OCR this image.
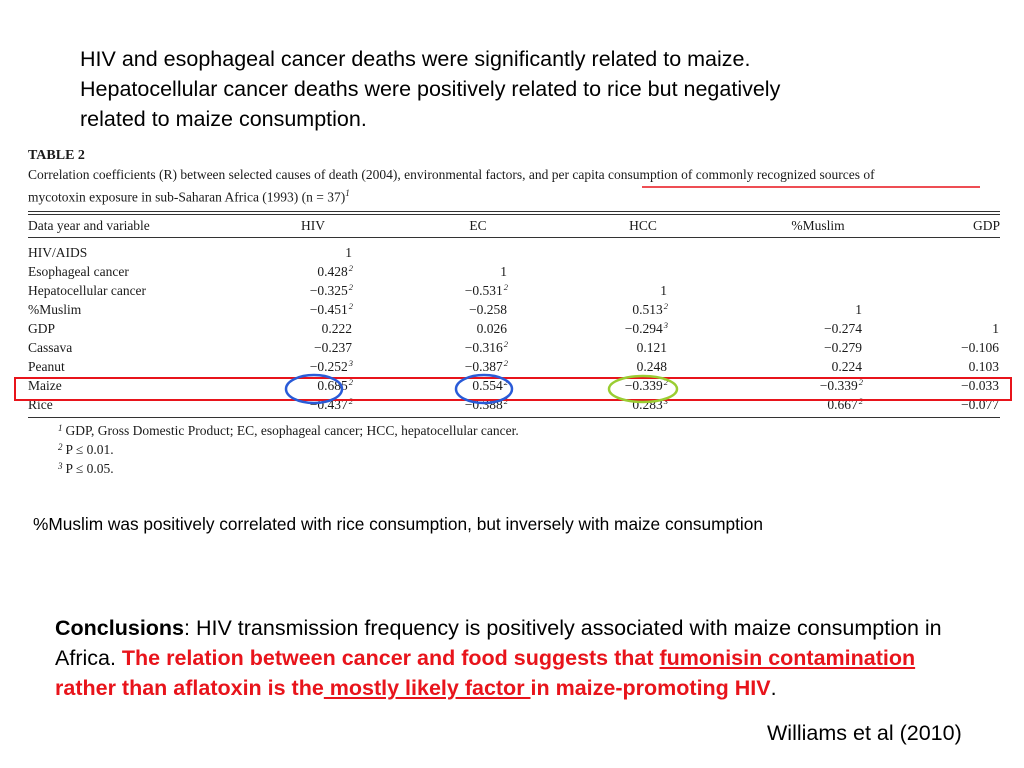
HIV and esophageal cancer deaths were significantly related to maize.
Hepatocellular cancer deaths were positively related to rice but negatively
related to maize consumption.
TABLE 2
Correlation coefficients (R) between selected causes of death (2004), environmental factors, and per capita consumption of commonly recognized sources of
mycotoxin exposure in sub-Saharan Africa (1993) (n = 37)$^1$
Data year and variable	HIV	EC	HCC	%Muslim	GDP
HIV/AIDS	1
Esophageal cancer	0.428$^2$	1
Hepatocellular cancer	$-0.325^2$	$-0.531^2$	1
%Muslim	$-0.451^2$	−0.258	0.513$^2$	1
GDP	0.222	0.026	$-0.294^3$	−0.274	1
Cassava	−0.237	$-0.316^2$	0.121	−0.279	−0.106
Peanut	$-0.252^3$	$-0.387^2$	0.248	0.224	0.103
Maize	0.685$^2$	$0.554^2$	$-0.339^2$	$-0.339^2$	−0.033
Rice	$-0.437^2$	$-0.388^2$	0.283$^3$	$0.667^2$	−0.077
$^1$ GDP, Gross Domestic Product; EC, esophageal cancer; HCC, hepatocellular cancer.
$^2$ P ≤ 0.01.
$^3$ P ≤ 0.05.
%Muslim was positively correlated with rice consumption, but inversely with maize consumption
Conclusions: HIV transmission frequency is positively associated with maize consumption in Africa. The relation between cancer and food suggests that fumonisin contamination rather than aflatoxin is the mostly likely factor in maize-promoting HIV.
Williams et al (2010)
